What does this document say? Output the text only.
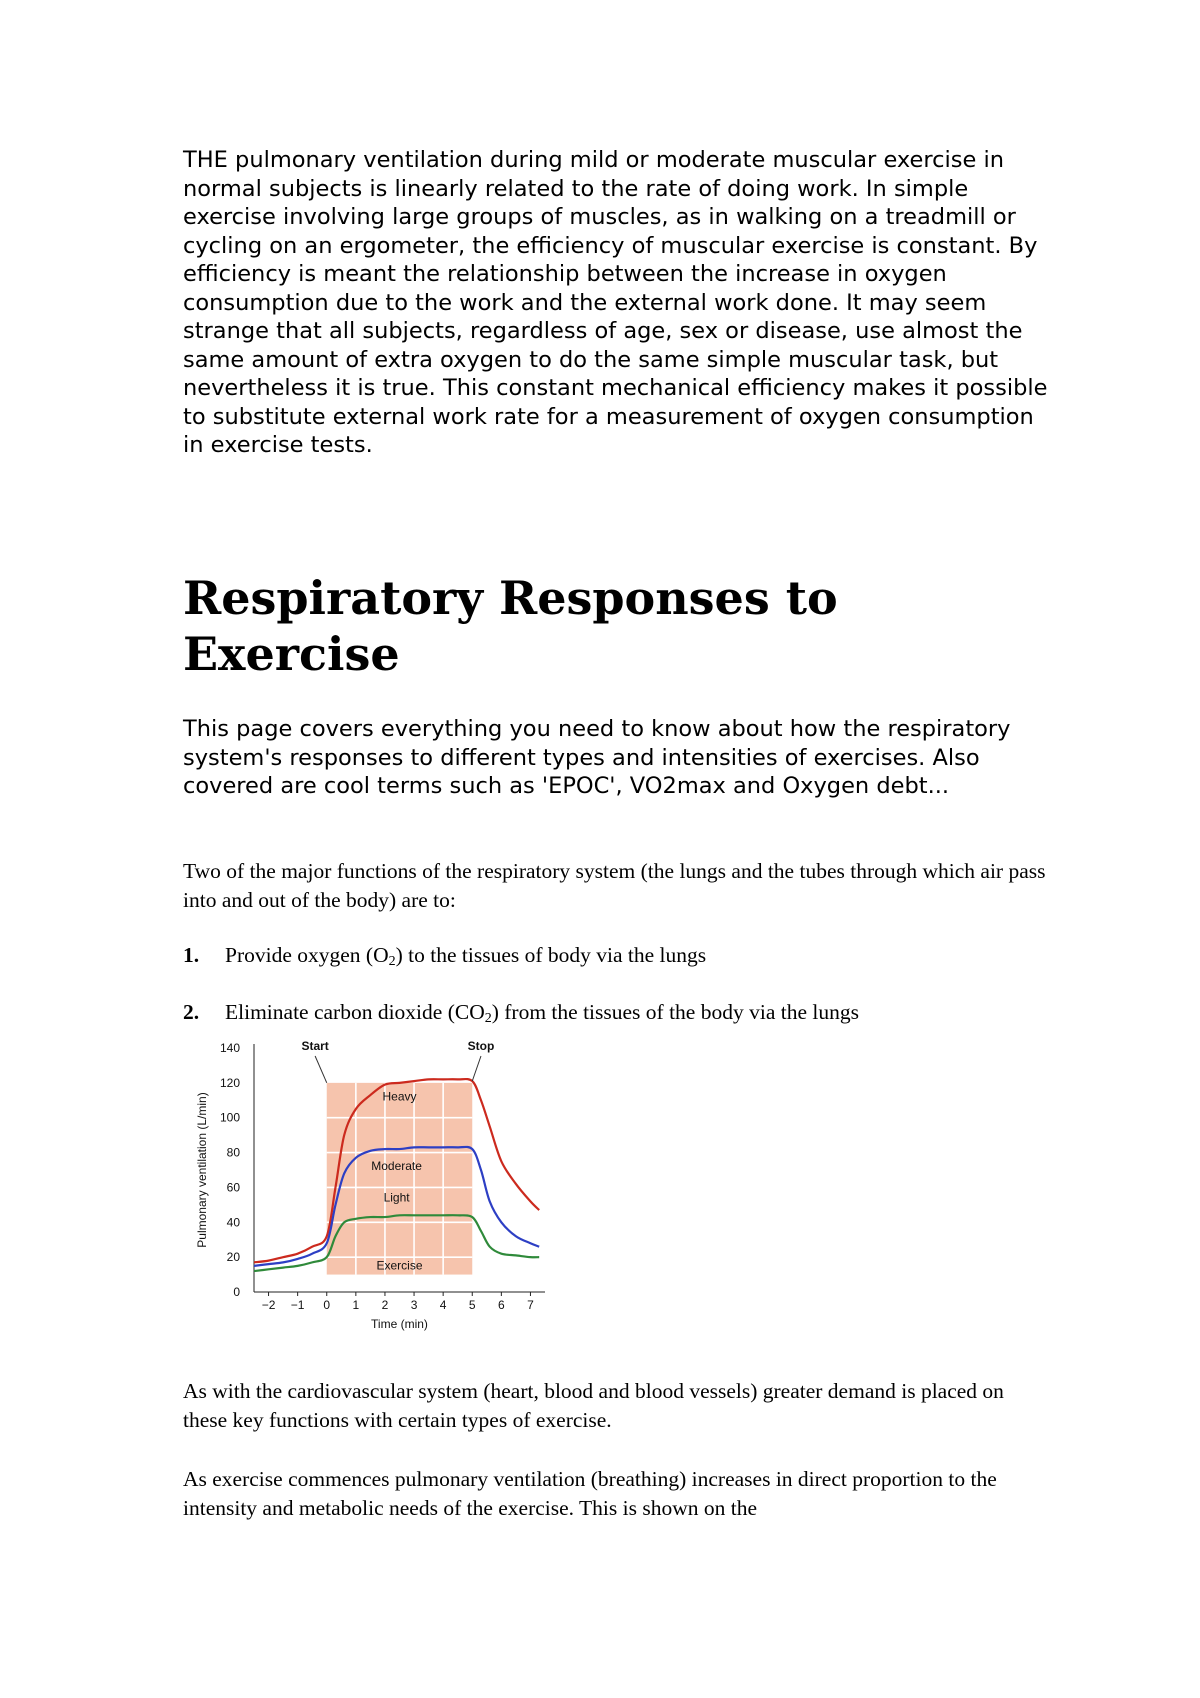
THE pulmonary ventilation during mild or moderate muscular exercise in normal subjects is linearly related to the rate of doing work. In simple exercise involving large groups of muscles, as in walking on a treadmill or cycling on an ergometer, the efficiency of muscular exercise is constant. By efficiency is meant the relationship between the increase in oxygen consumption due to the work and the external work done. It may seem strange that all subjects, regardless of age, sex or disease, use almost the same amount of extra oxygen to do the same simple muscular task, but nevertheless it is true. This constant mechanical efficiency makes it possible to substitute external work rate for a measurement of oxygen consumption in exercise tests.

Respiratory Responses to Exercise

This page covers everything you need to know about how the respiratory system's responses to different types and intensities of exercises. Also covered are cool terms such as 'EPOC', VO2max and Oxygen debt...

Two of the major functions of the respiratory system (the lungs and the tubes through which air pass into and out of the body) are to:

1.	Provide oxygen $(O_2)$ to the tissues of body via the lungs
2.	Eliminate carbon dioxide $(CO_2)$ from the tissues of the body via the lungs

As with the cardiovascular system (heart, blood and blood vessels) greater demand is placed on these key functions with certain types of exercise.

As exercise commences pulmonary ventilation (breathing) increases in direct proportion to the intensity and metabolic needs of the exercise. This is shown on the

0
20
40
60
80
100
120
140
−2 −1 0 1 2 3 4 5 6 7
Time (min)
Pulmonary ventilation (L/min)	Heavy
Moderate
Light
Exercise
Start	Stop
